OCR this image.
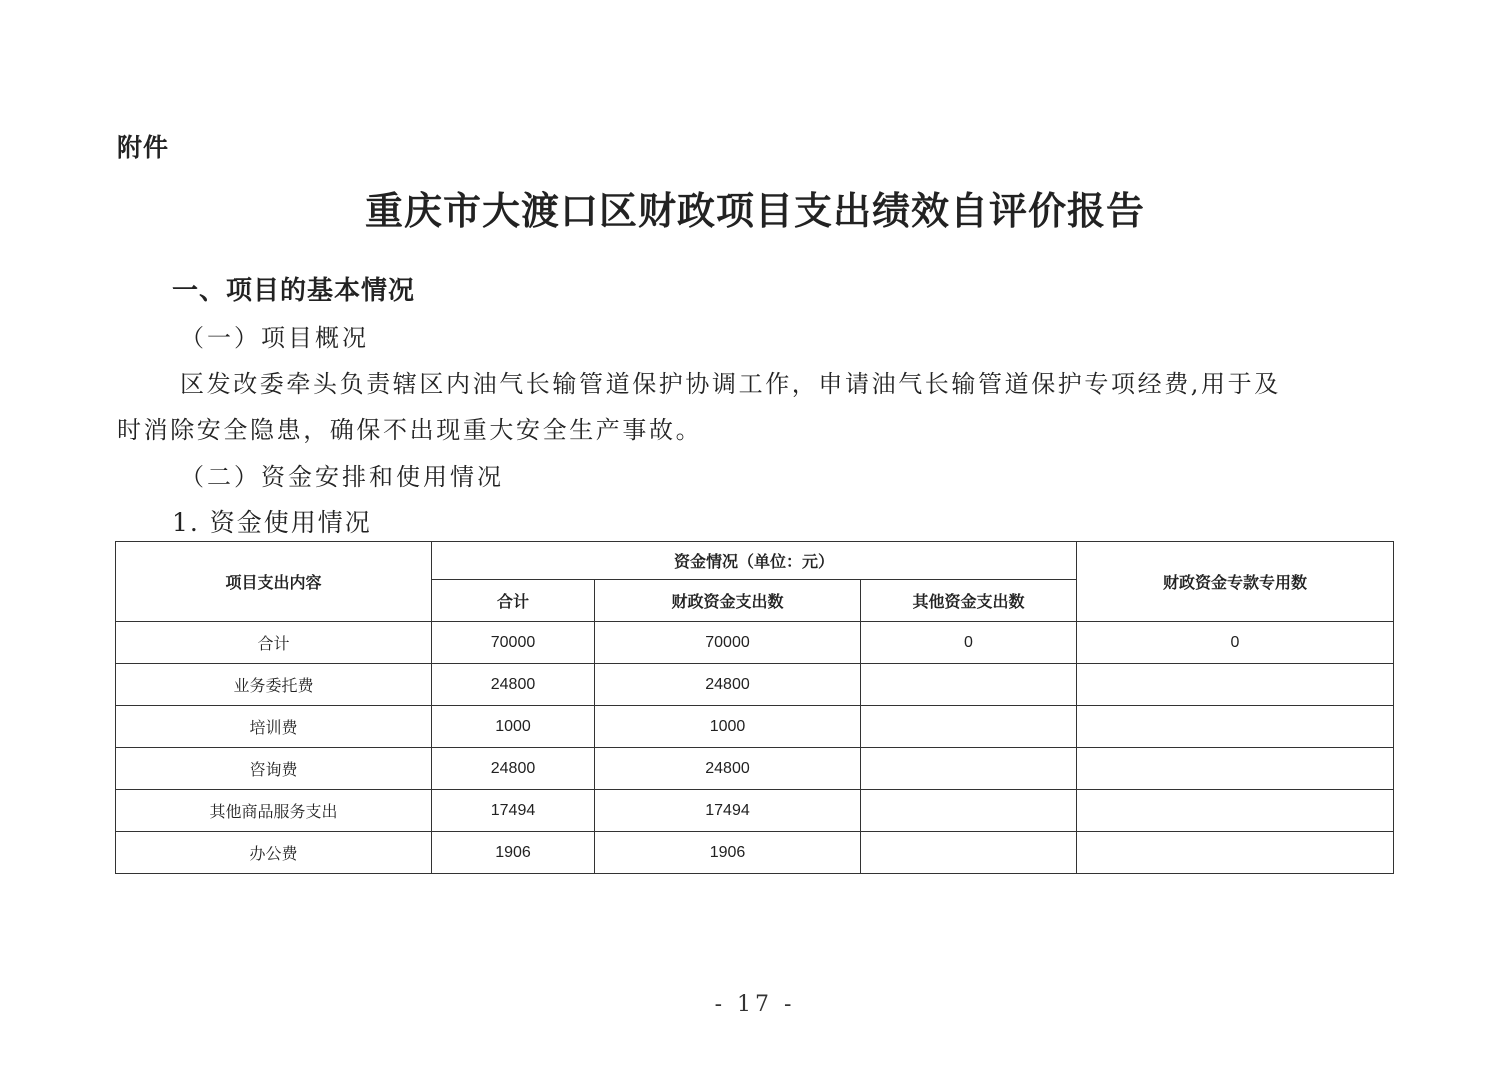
附件
重庆市大渡口区财政项目支出绩效自评价报告
一、项目的基本情况
（一）项目概况
区发改委牵头负责辖区内油气长输管道保护协调工作，申请油气长输管道保护专项经费,用于及
时消除安全隐患，确保不出现重大安全生产事故。
（二）资金安排和使用情况
1. 资金使用情况
项目支出内容	资金情况（单位：元）			财政资金专款专用数
	合计	财政资金支出数	其他资金支出数	
合计	70000	70000	0	0
业务委托费	24800	24800		
培训费	1000	1000		
咨询费	24800	24800		
其他商品服务支出	17494	17494		
办公费	1906	1906		
- 17 -
